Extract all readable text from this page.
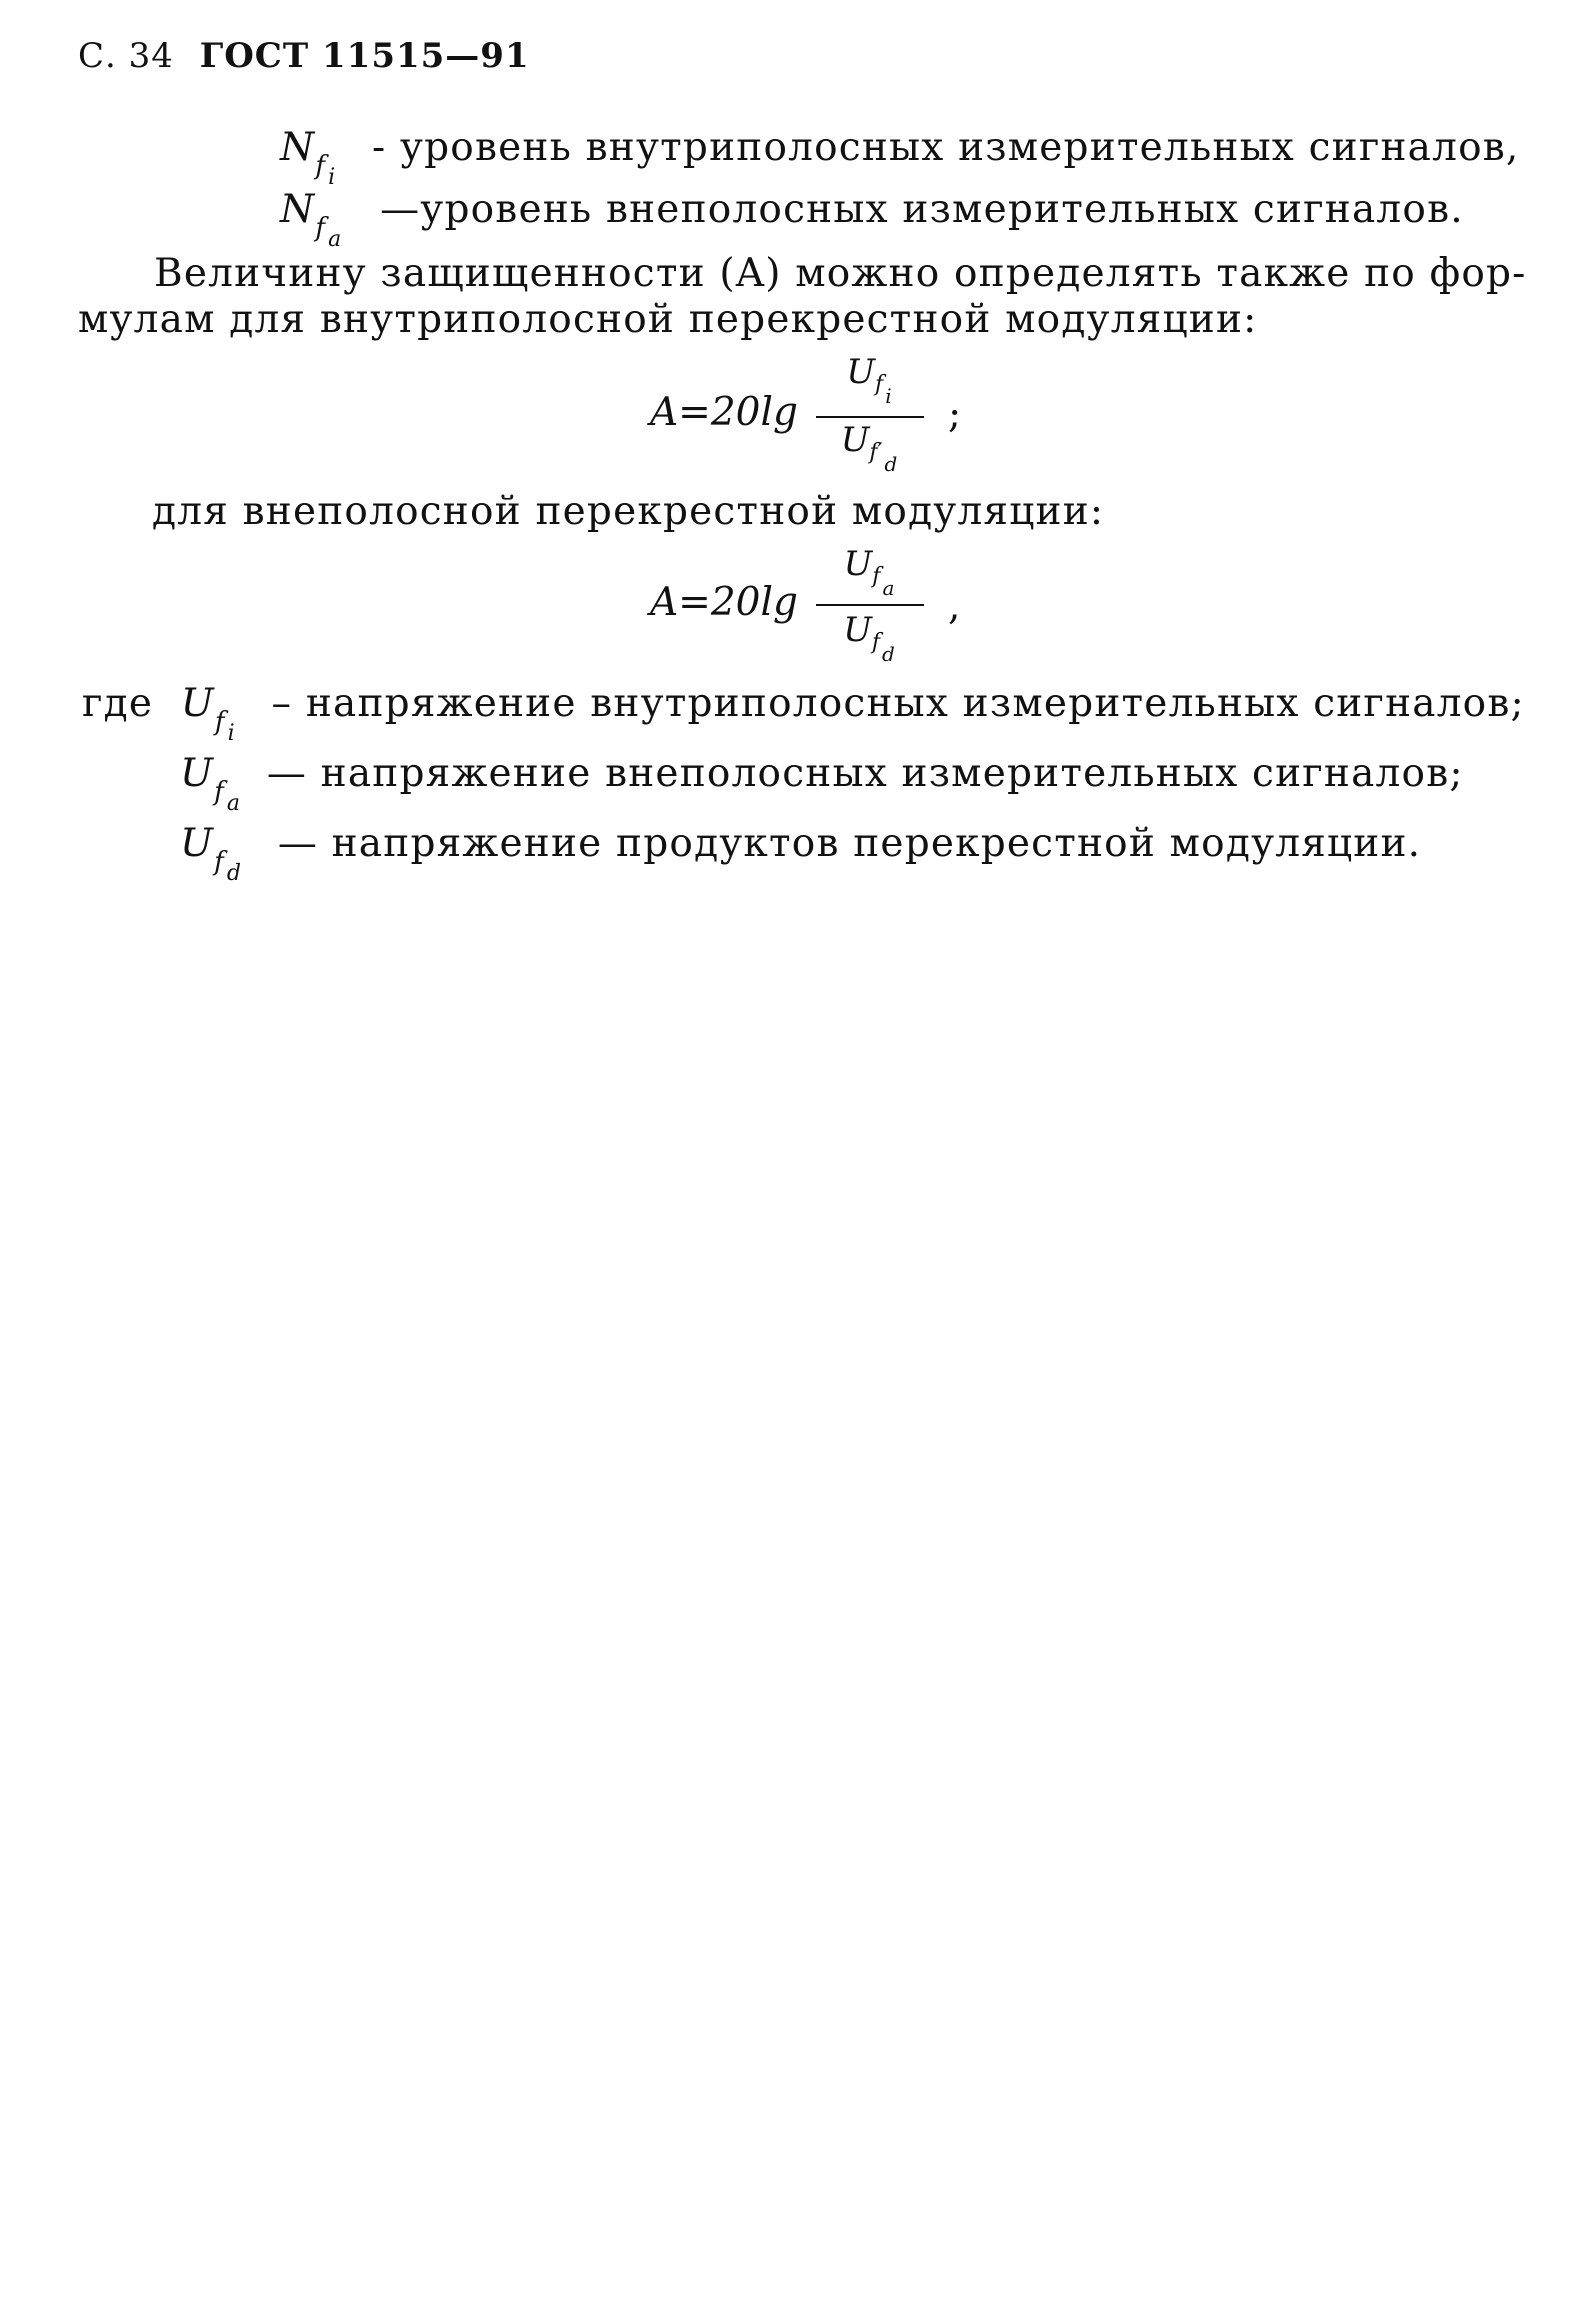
С. 34 ГОСТ 11515—91
$N_{fi}$ - уровень внутриполосных измерительных сигналов,
$N_{fa}$ —уровень внеполосных измерительных сигналов.
Величину защищенности (A) можно определять также по фор-
мулам для внутриполосной перекрестной модуляции:
A=20lg
$U_f$ $_i$
$U_{f'}$ $_d$
;
для внеполосной перекрестной модуляции:
A=20lg
$U_f$ $_a$
$U_f$ $_d$
,
где $U_{fi}$ – напряжение внутриполосных измерительных сигналов;
$U_{fa}$ — напряжение внеполосных измерительных сигналов;
$U_{fd}$ — напряжение продуктов перекрестной модуляции.
